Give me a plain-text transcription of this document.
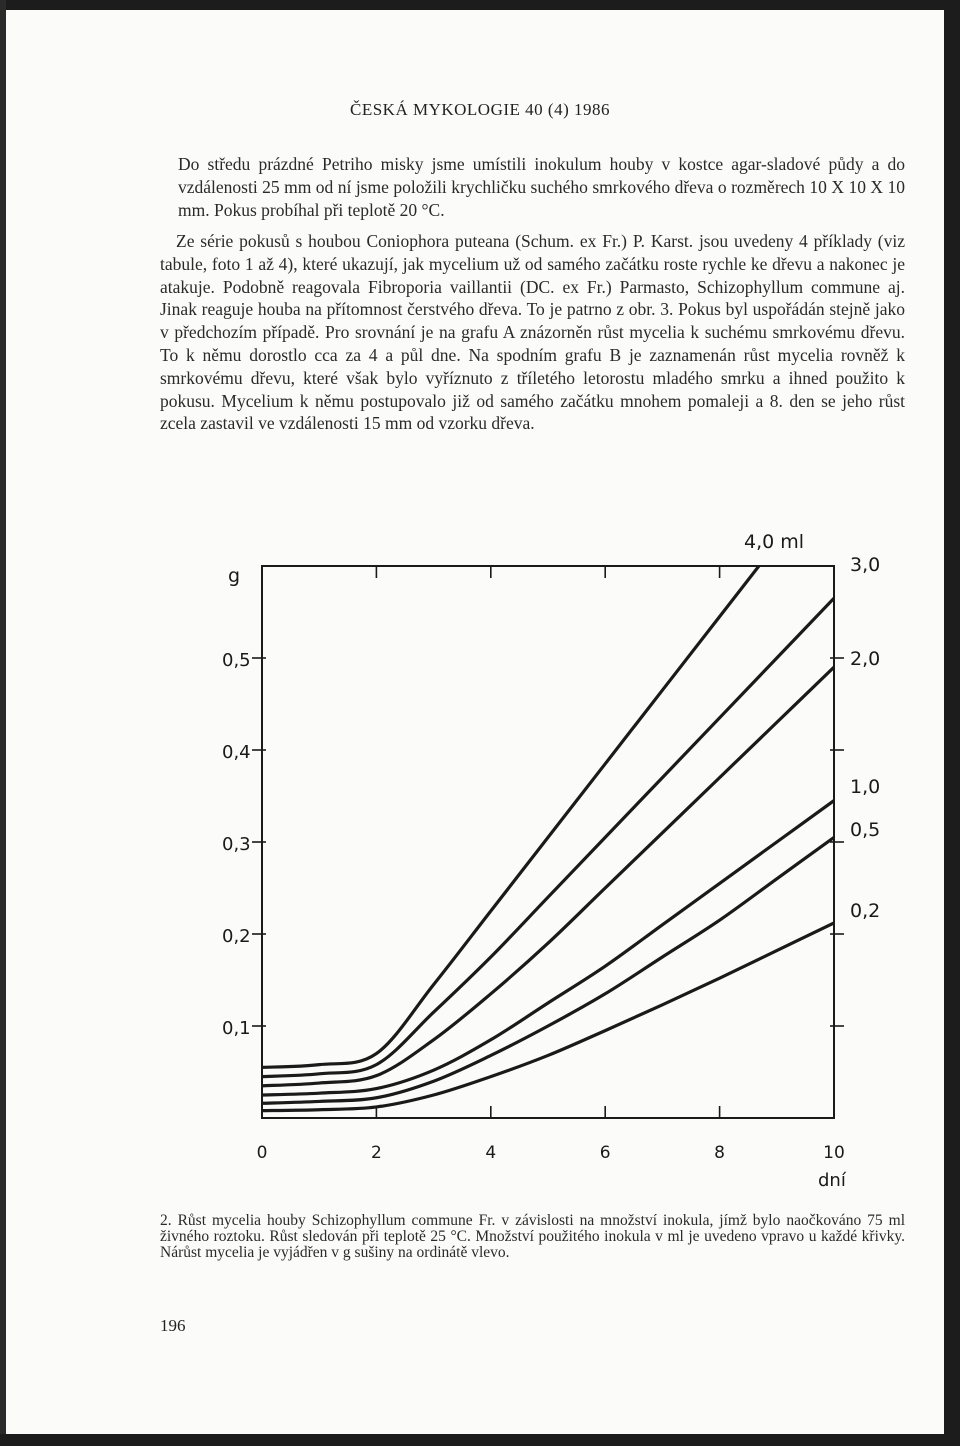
ČESKÁ MYKOLOGIE 40 (4) 1986

Do středu prázdné Petriho misky jsme umístili inokulum houby v kostce agar-sladové půdy a do vzdálenosti 25 mm od ní jsme položili krychličku suchého smrkového dřeva o rozměrech 10 X 10 X 10 mm. Pokus probíhal při teplotě 20 °C.

Ze série pokusů s houbou Coniophora puteana (Schum. ex Fr.) P. Karst. jsou uvedeny 4 příklady (viz tabule, foto 1 až 4), které ukazují, jak mycelium už od samého začátku roste rychle ke dřevu a nakonec je atakuje. Podobně reagovala Fibroporia vaillantii (DC. ex Fr.) Parmasto, Schizophyllum commune aj. Jinak reaguje houba na přítomnost čerstvého dřeva. To je patrno z obr. 3. Pokus byl uspořádán stejně jako v předchozím případě. Pro srovnání je na grafu A znázorněn růst mycelia k suchému smrkovému dřevu. To k němu dorostlo cca za 4 a půl dne. Na spodním grafu B je zaznamenán růst mycelia rovněž k smrkovému dřevu, které však bylo vyříznuto z tříletého letorostu mladého smrku a ihned použito k pokusu. Mycelium k němu postupovalo již od samého začátku mnohem pomaleji a 8. den se jeho růst zcela zastavil ve vzdálenosti 15 mm od vzorku dřeva.

0	2	4	6	8	10
0,1
0,2
0,3
0,4
0,5
g
dní
4,0 ml
3,0
2,0
1,0
0,5
0,2

2. Růst mycelia houby Schizophyllum commune Fr. v závislosti na množství inokula, jímž bylo naočkováno 75 ml živného roztoku. Růst sledován při teplotě 25 °C. Množství použitého inokula v ml je uvedeno vpravo u každé křivky. Nárůst mycelia je vyjádřen v g sušiny na ordinátě vlevo.

196
